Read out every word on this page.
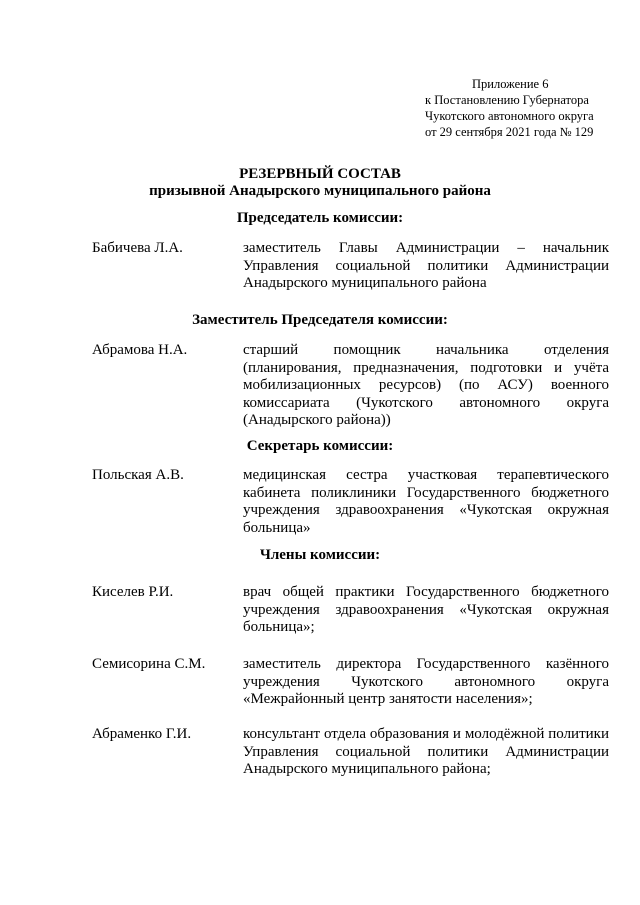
Приложение 6
к Постановлению Губернатора
Чукотского автономного округа
от 29 сентября 2021 года № 129
РЕЗЕРВНЫЙ СОСТАВ
призывной Анадырского муниципального района
Председатель комиссии:
Бабичева Л.А.	заместитель Главы Администрации – начальник Управления социальной политики Администрации Анадырского муниципального района
Заместитель Председателя комиссии:
Абрамова Н.А.	старший помощник начальника отделения (планирования, предназначения, подготовки и учёта мобилизационных ресурсов) (по АСУ) военного комиссариата (Чукотского автономного округа (Анадырского района))
Секретарь комиссии:
Польская А.В.	медицинская сестра участковая терапевтического кабинета поликлиники Государственного бюджетного учреждения здравоохранения «Чукотская окружная больница»
Члены комиссии:
Киселев Р.И.	врач общей практики Государственного бюджетного учреждения здравоохранения «Чукотская окружная больница»;
Семисорина С.М.	заместитель директора Государственного казённого учреждения Чукотского автономного округа «Межрайонный центр занятости населения»;
Абраменко Г.И.	консультант отдела образования и молодёжной политики Управления социальной политики Администрации Анадырского муниципального района;
